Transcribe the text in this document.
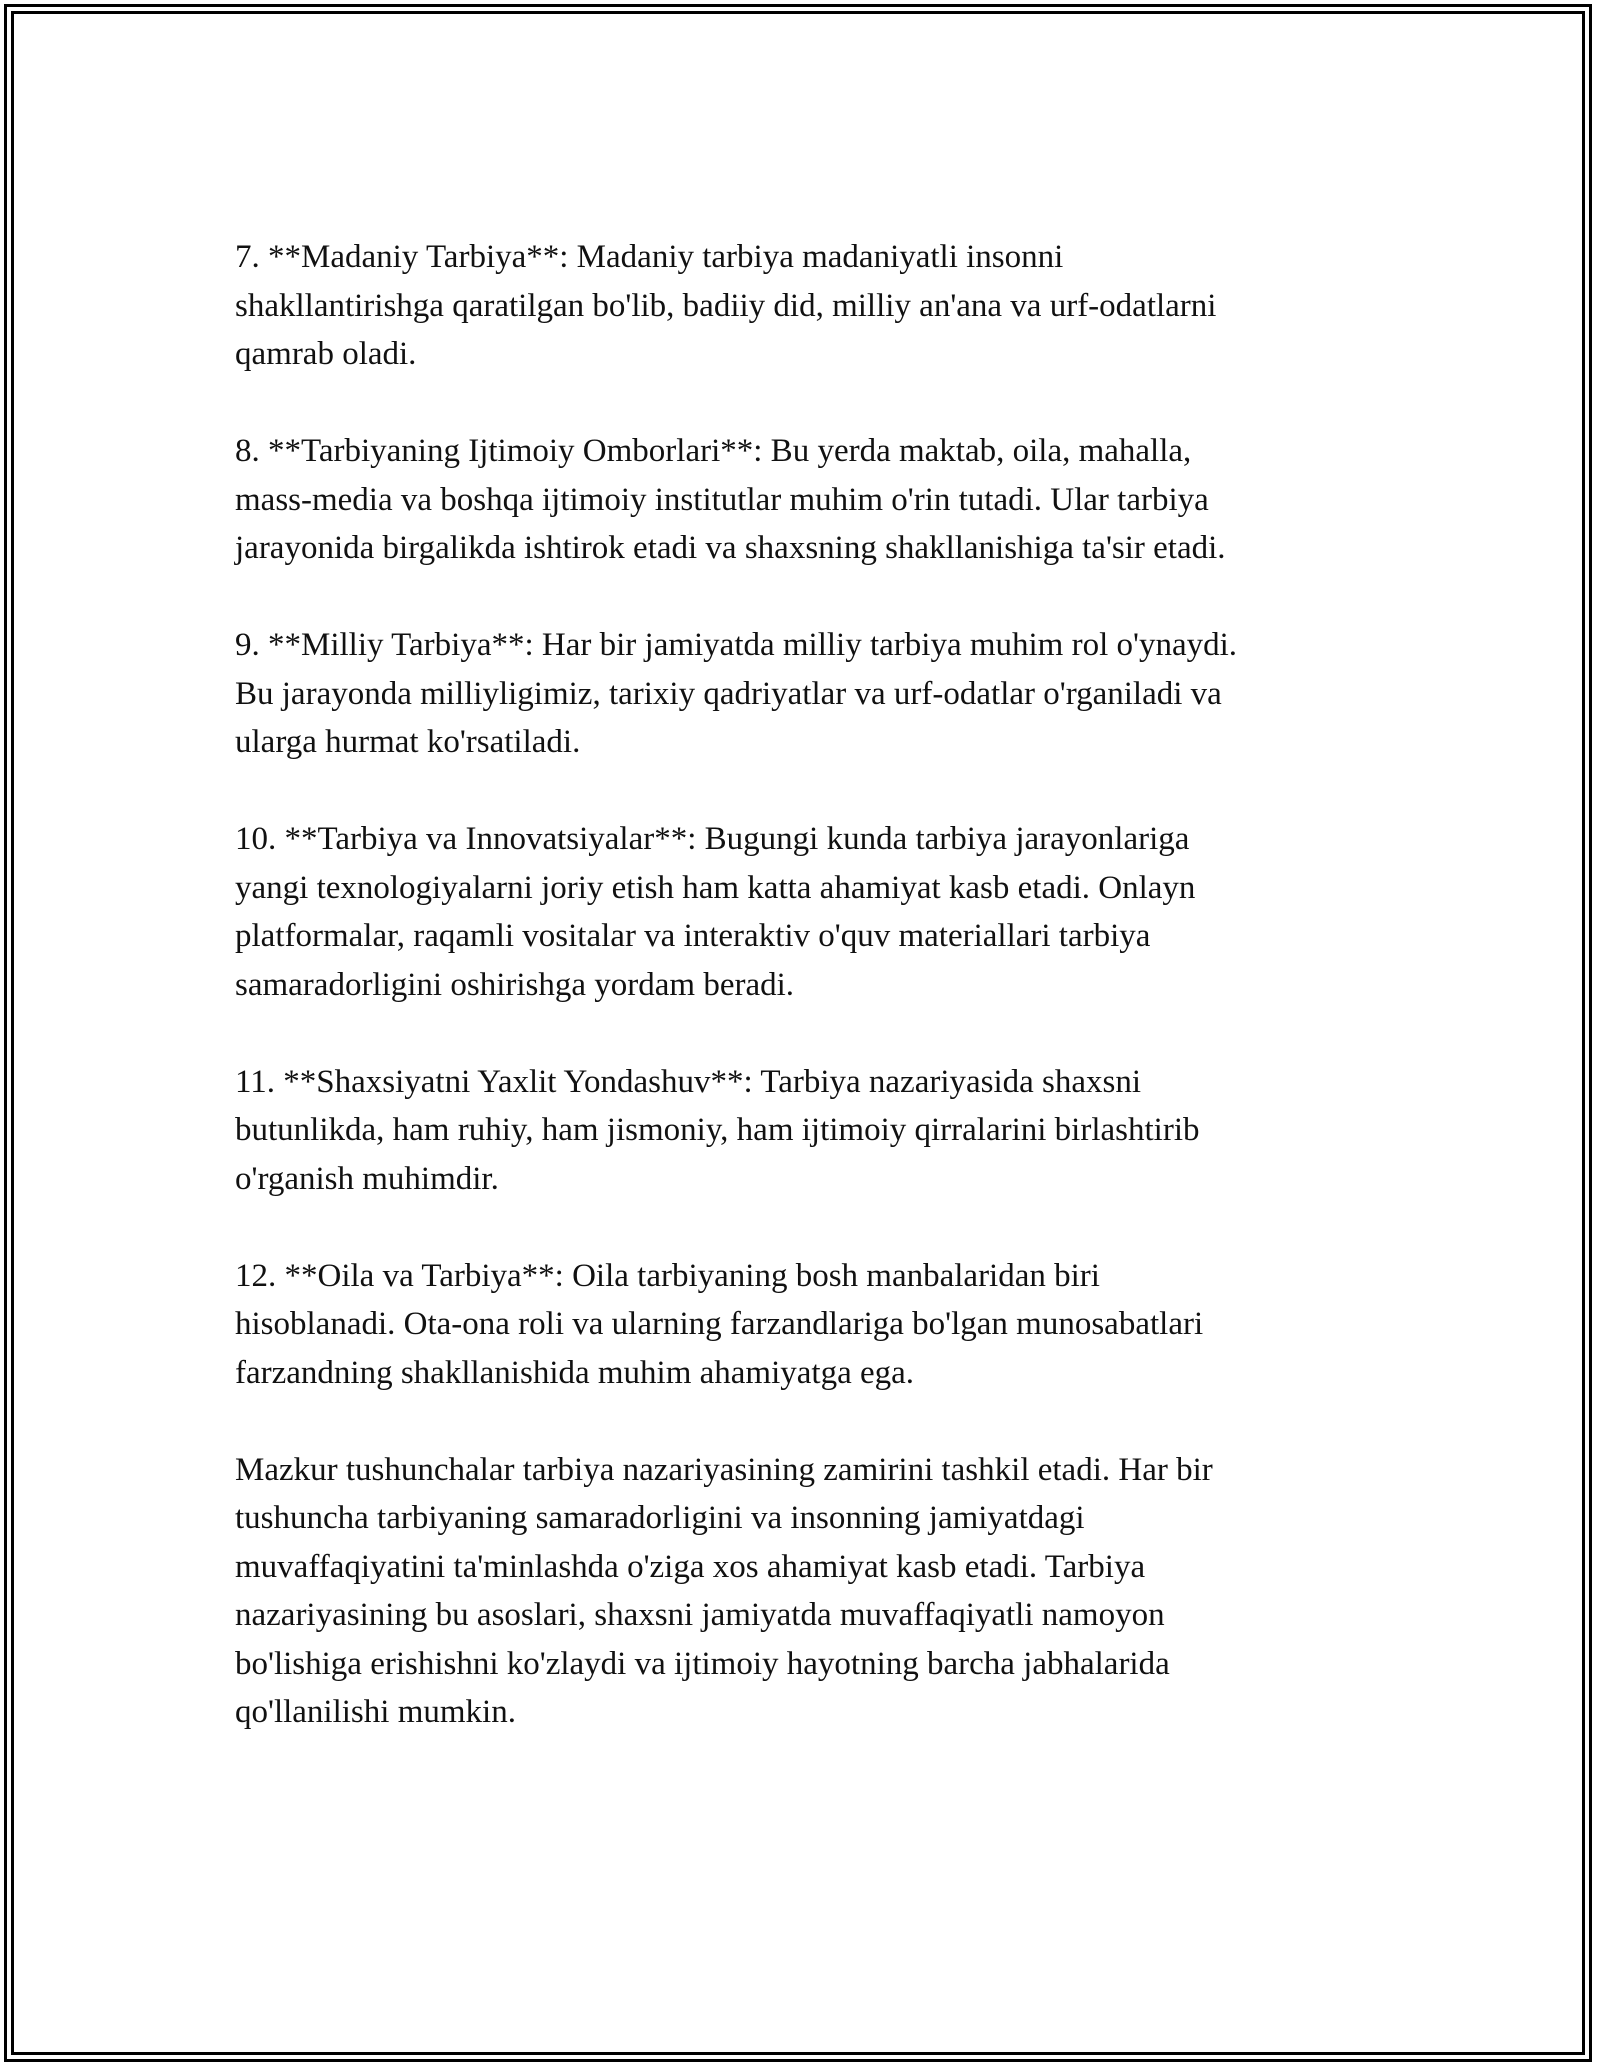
7. **Madaniy Tarbiya**: Madaniy tarbiya madaniyatli insonni
shakllantirishga qaratilgan bo'lib, badiiy did, milliy an'ana va urf-odatlarni
qamrab oladi.

8. **Tarbiyaning Ijtimoiy Omborlari**: Bu yerda maktab, oila, mahalla,
mass-media va boshqa ijtimoiy institutlar muhim o'rin tutadi. Ular tarbiya
jarayonida birgalikda ishtirok etadi va shaxsning shakllanishiga ta'sir etadi.

9. **Milliy Tarbiya**: Har bir jamiyatda milliy tarbiya muhim rol o'ynaydi.
Bu jarayonda milliyligimiz, tarixiy qadriyatlar va urf-odatlar o'rganiladi va
ularga hurmat ko'rsatiladi.

10. **Tarbiya va Innovatsiyalar**: Bugungi kunda tarbiya jarayonlariga
yangi texnologiyalarni joriy etish ham katta ahamiyat kasb etadi. Onlayn
platformalar, raqamli vositalar va interaktiv o'quv materiallari tarbiya
samaradorligini oshirishga yordam beradi.

11. **Shaxsiyatni Yaxlit Yondashuv**: Tarbiya nazariyasida shaxsni
butunlikda, ham ruhiy, ham jismoniy, ham ijtimoiy qirralarini birlashtirib
o'rganish muhimdir.

12. **Oila va Tarbiya**: Oila tarbiyaning bosh manbalaridan biri
hisoblanadi. Ota-ona roli va ularning farzandlariga bo'lgan munosabatlari
farzandning shakllanishida muhim ahamiyatga ega.

Mazkur tushunchalar tarbiya nazariyasining zamirini tashkil etadi. Har bir
tushuncha tarbiyaning samaradorligini va insonning jamiyatdagi
muvaffaqiyatini ta'minlashda o'ziga xos ahamiyat kasb etadi. Tarbiya
nazariyasining bu asoslari, shaxsni jamiyatda muvaffaqiyatli namoyon
bo'lishiga erishishni ko'zlaydi va ijtimoiy hayotning barcha jabhalarida
qo'llanilishi mumkin.
